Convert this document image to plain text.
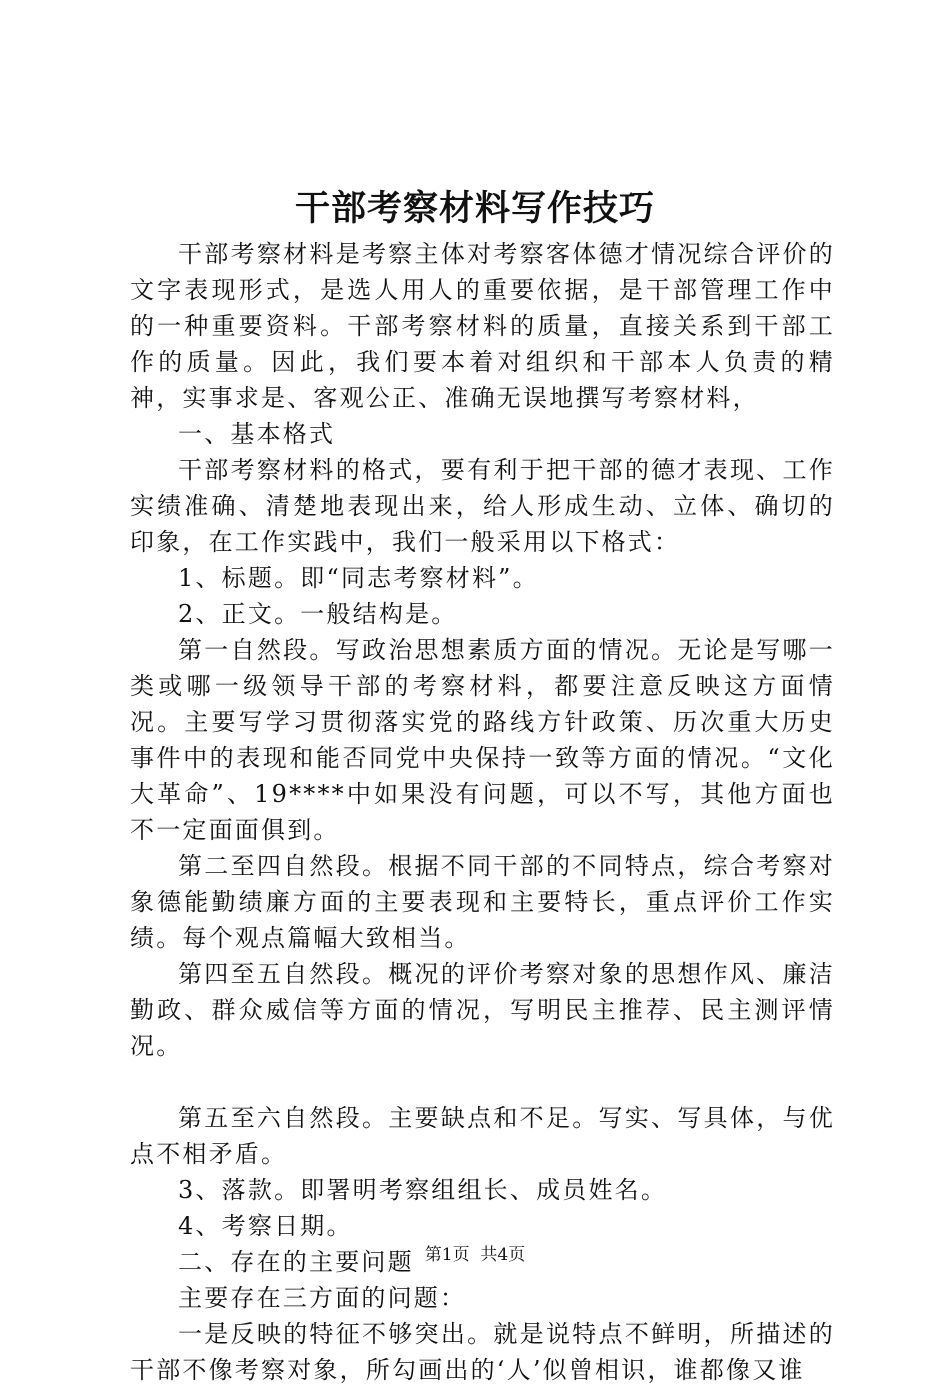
干部考察材料写作技巧

干部考察材料是考察主体对考察客体德才情况综合评价的文字表现形式，是选人用人的重要依据，是干部管理工作中的一种重要资料。干部考察材料的质量，直接关系到干部工作的质量。因此，我们要本着对组织和干部本人负责的精神，实事求是、客观公正、准确无误地撰写考察材料，

一、基本格式

干部考察材料的格式，要有利于把干部的德才表现、工作实绩准确、清楚地表现出来，给人形成生动、立体、确切的印象，在工作实践中，我们一般采用以下格式：

1、标题。即“同志考察材料”。

2、正文。一般结构是。

第一自然段。写政治思想素质方面的情况。无论是写哪一类或哪一级领导干部的考察材料，都要注意反映这方面情况。主要写学习贯彻落实党的路线方针政策、历次重大历史事件中的表现和能否同党中央保持一致等方面的情况。“文化大革命”、19****中如果没有问题，可以不写，其他方面也不一定面面俱到。

第二至四自然段。根据不同干部的不同特点，综合考察对象德能勤绩廉方面的主要表现和主要特长，重点评价工作实绩。每个观点篇幅大致相当。

第四至五自然段。概况的评价考察对象的思想作风、廉洁勤政、群众威信等方面的情况，写明民主推荐、民主测评情况。

第五至六自然段。主要缺点和不足。写实、写具体，与优点不相矛盾。

3、落款。即署明考察组组长、成员姓名。

4、考察日期。

二、存在的主要问题

主要存在三方面的问题：

一是反映的特征不够突出。就是说特点不鲜明，所描述的干部不像考察对象，所勾画出的‘人’似曾相识，谁都像又谁

第1页 共4页
